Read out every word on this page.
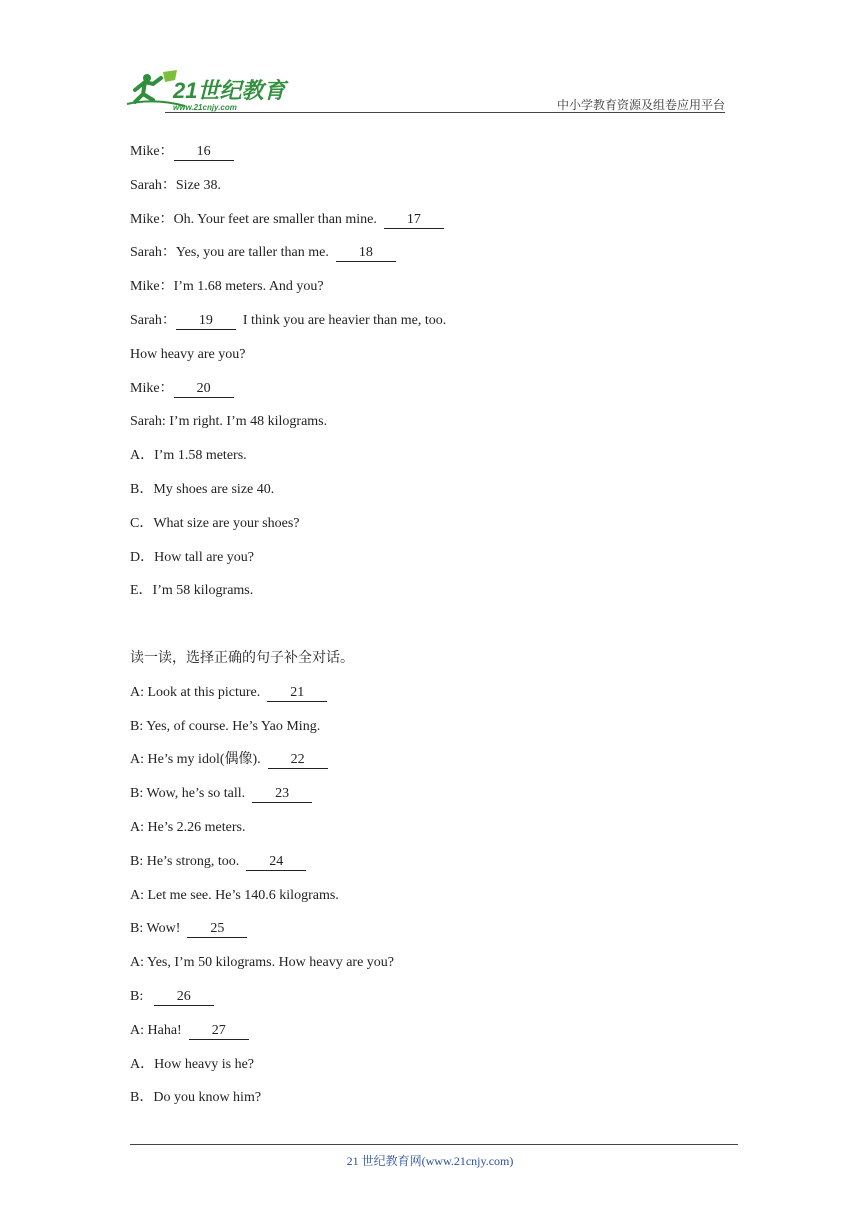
21世纪教育
www.21cnjy.com	中小学教育资源及组卷应用平台
Mike： 16
Sarah：Size 38.
Mike：Oh. Your feet are smaller than mine.  17
Sarah：Yes, you are taller than me.  18
Mike：I’m 1.68 meters. And you?
Sarah： 19  I think you are heavier than me, too.
How heavy are you?
Mike： 20
Sarah: I’m right. I’m 48 kilograms.
A．I’m 1.58 meters.
B．My shoes are size 40.
C．What size are your shoes?
D．How tall are you?
E．I’m 58 kilograms.
读一读，选择正确的句子补全对话。
A: Look at this picture.  21
B: Yes, of course. He’s Yao Ming.
A: He’s my idol(偶像).  22
B: Wow, he’s so tall.  23
A: He’s 2.26 meters.
B: He’s strong, too.  24
A: Let me see. He’s 140.6 kilograms.
B: Wow!  25
A: Yes, I’m 50 kilograms. How heavy are you?
B:   26
A: Haha!  27
A．How heavy is he?
B．Do you know him?
21 世纪教育网(www.21cnjy.com)
